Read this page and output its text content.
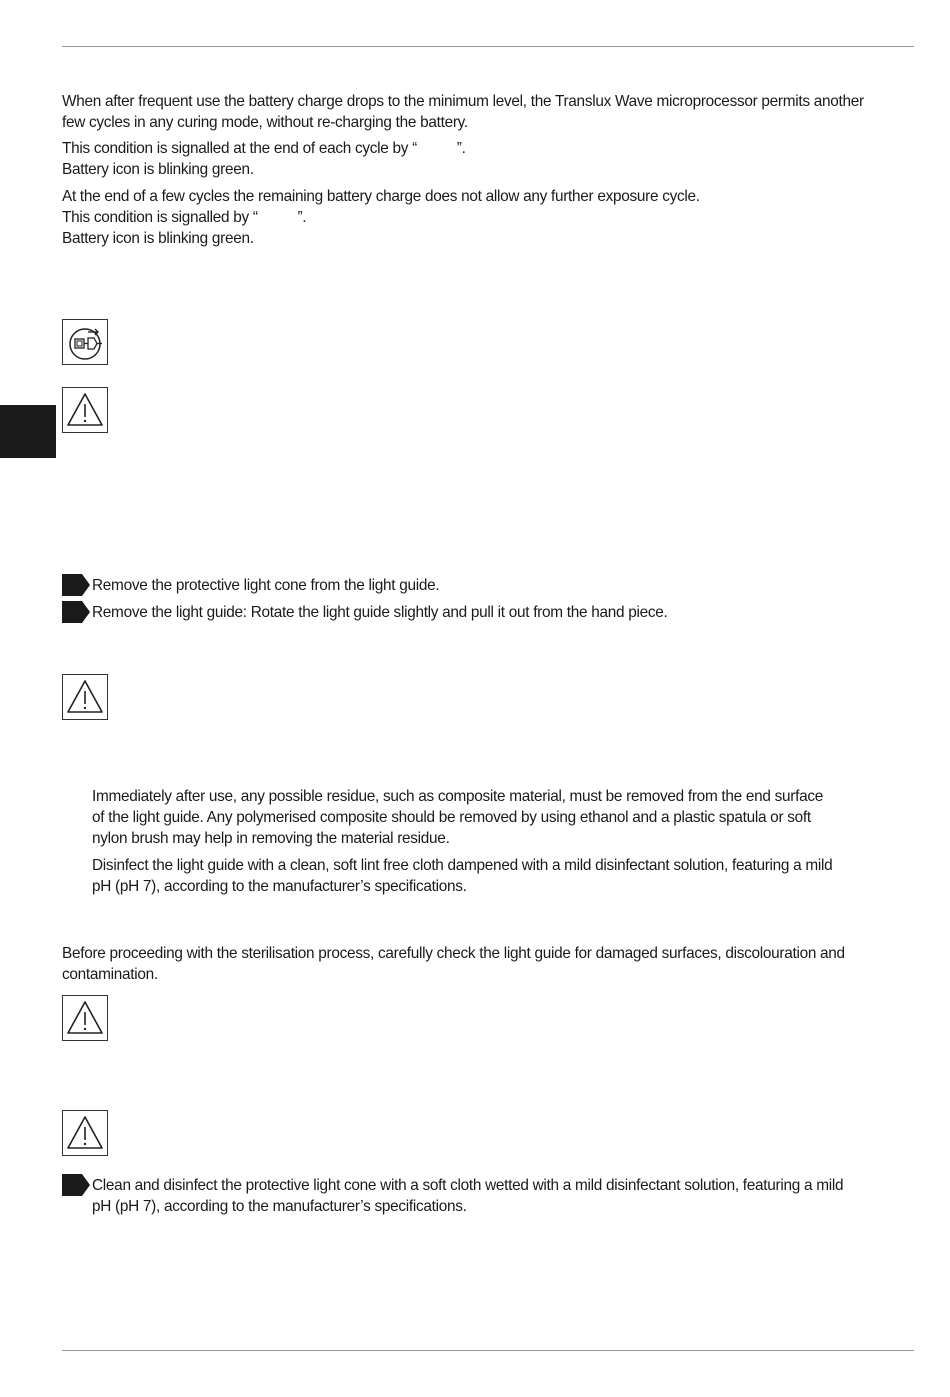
When after frequent use the battery charge drops to the minimum level, the Translux Wave microprocessor permits another few cycles in any curing mode, without re-charging the battery.

This condition is signalled at the end of each cycle by “          ”.
Battery icon is blinking green.
At the end of a few cycles the remaining battery charge does not allow any further exposure cycle.
This condition is signalled by “          ”.
Battery icon is blinking green.

Remove the protective light cone from the light guide.

Remove the light guide: Rotate the light guide slightly and pull it out from the hand piece.

Immediately after use, any possible residue, such as composite material, must be removed from the end surface
of the light guide. Any polymerised composite should be removed by using ethanol and a plastic spatula or soft
nylon brush may help in removing the material residue.
Disinfect the light guide with a clean, soft lint free cloth dampened with a mild disinfectant solution, featuring a mild
pH (pH 7), according to the manufacturer’s specifications.

Before proceeding with the sterilisation process, carefully check the light guide for damaged surfaces, discolouration and contamination.

Clean and disinfect the protective light cone with a soft cloth wetted with a mild disinfectant solution, featuring a mild pH (pH 7), according to the manufacturer’s specifications.
